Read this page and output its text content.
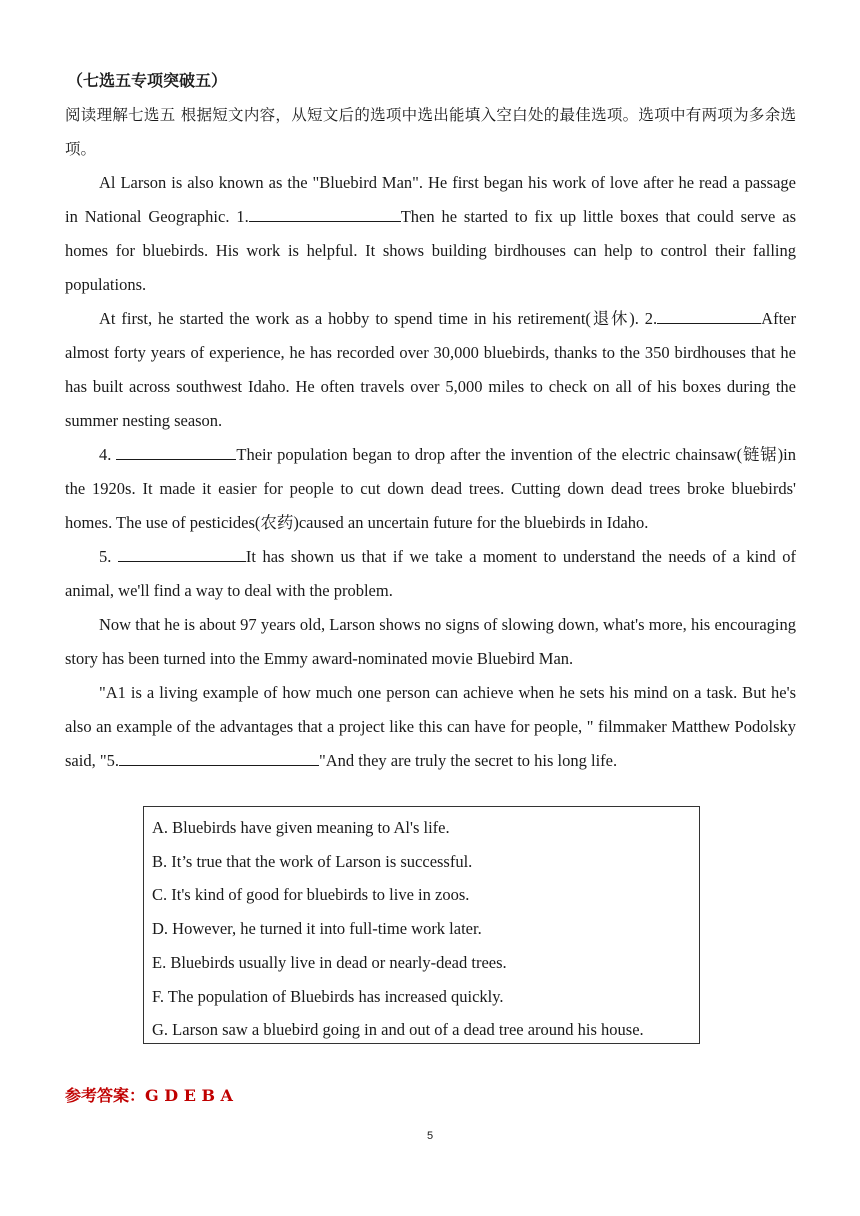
（七选五专项突破五）

阅读理解七选五 根据短文内容，从短文后的选项中选出能填入空白处的最佳选项。选项中有两项为多余选项。

Al Larson is also known as the "Bluebird Man". He first began his work of love after he read a passage in National Geographic. 1.	Then he started to fix up little boxes that could serve as homes for bluebirds. His work is helpful. It shows building birdhouses can help to control their falling populations.

At first, he started the work as a hobby to spend time in his retirement(退休). 2.	After almost forty years of experience, he has recorded over 30,000 bluebirds, thanks to the 350 birdhouses that he has built across southwest Idaho. He often travels over 5,000 miles to check on all of his boxes during the summer nesting season.

4.	Their population began to drop after the invention of the electric chainsaw(链锯)in the 1920s. It made it easier for people to cut down dead trees. Cutting down dead trees broke bluebirds' homes. The use of pesticides(农药)caused an uncertain future for the bluebirds in Idaho.

5.	It has shown us that if we take a moment to understand the needs of a kind of animal, we'll find a way to deal with the problem.

Now that he is about 97 years old, Larson shows no signs of slowing down, what's more, his encouraging story has been turned into the Emmy award-nominated movie Bluebird Man.

"A1 is a living example of how much one person can achieve when he sets his mind on a task. But he's also an example of the advantages that a project like this can have for people, " filmmaker Matthew Podolsky said, "5.	"And they are truly the secret to his long life.

A. Bluebirds have given meaning to Al's life.

B. It’s true that the work of Larson is successful.

C. It's kind of good for bluebirds to live in zoos.

D. However, he turned it into full-time work later.

E. Bluebirds usually live in dead or nearly-dead trees.

F. The population of Bluebirds has increased quickly.

G. Larson saw a bluebird going in and out of a dead tree around his house.

参考答案：G D E B A

5
